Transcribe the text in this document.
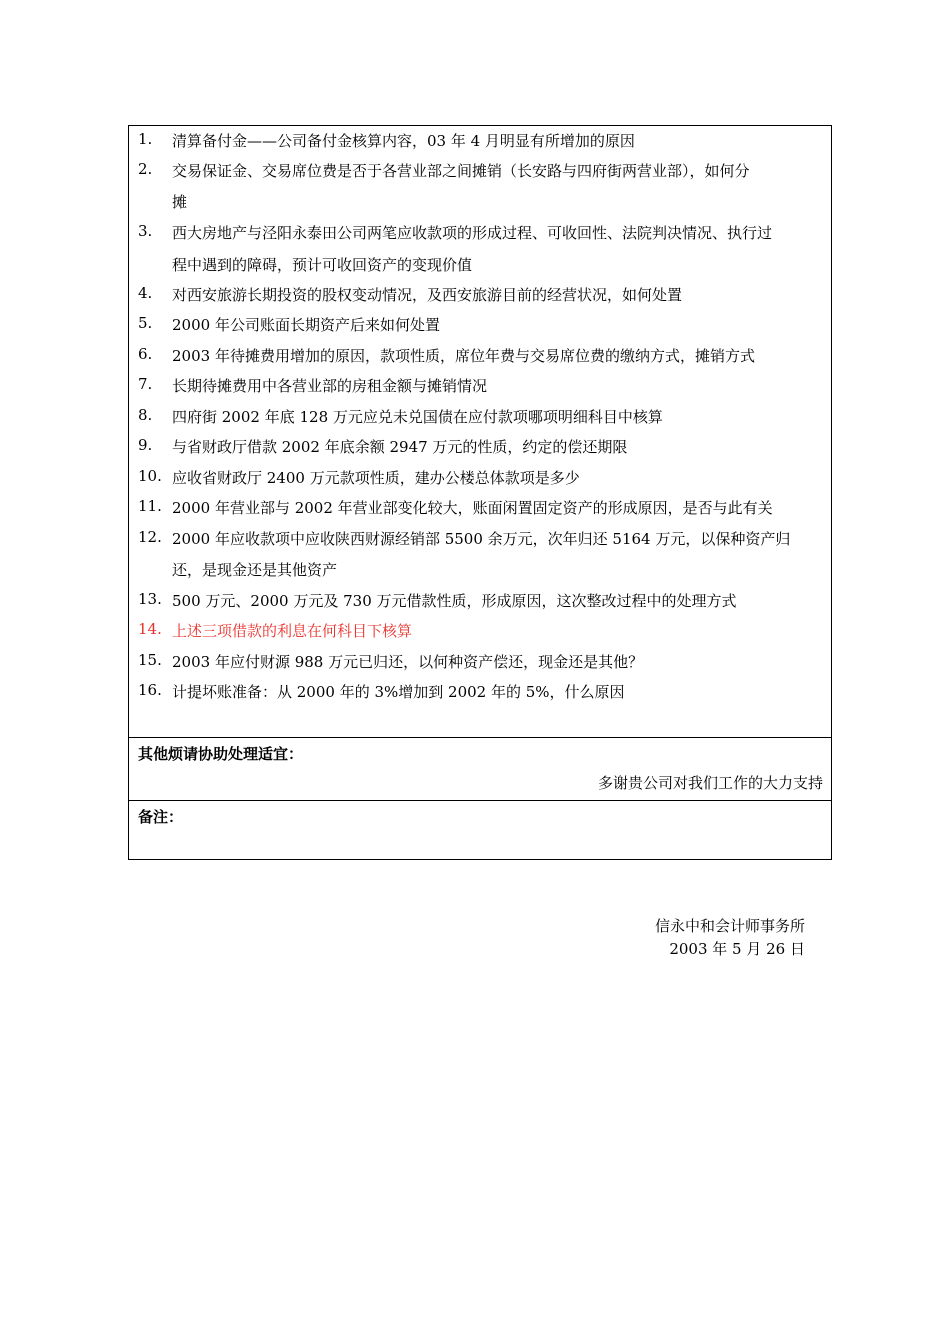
1.	清算备付金——公司备付金核算内容，03 年 4 月明显有所增加的原因
2.	交易保证金、交易席位费是否于各营业部之间摊销（长安路与四府街两营业部），如何分
摊
3.	西大房地产与泾阳永泰田公司两笔应收款项的形成过程、可收回性、法院判决情况、执行过
程中遇到的障碍，预计可收回资产的变现价值
4.	对西安旅游长期投资的股权变动情况，及西安旅游目前的经营状况，如何处置
5.	2000 年公司账面长期资产后来如何处置
6.	2003 年待摊费用增加的原因，款项性质，席位年费与交易席位费的缴纳方式，摊销方式
7.	长期待摊费用中各营业部的房租金额与摊销情况
8.	四府街 2002 年底 128 万元应兑未兑国债在应付款项哪项明细科目中核算
9.	与省财政厅借款 2002 年底余额 2947 万元的性质，约定的偿还期限
10. 应收省财政厅 2400 万元款项性质，建办公楼总体款项是多少
11. 2000 年营业部与 2002 年营业部变化较大，账面闲置固定资产的形成原因，是否与此有关
12. 2000 年应收款项中应收陕西财源经销部 5500 余万元，次年归还 5164 万元，以保种资产归
还，是现金还是其他资产
13. 500 万元、2000 万元及 730 万元借款性质，形成原因，这次整改过程中的处理方式
14. 上述三项借款的利息在何科目下核算
15. 2003 年应付财源 988 万元已归还，以何种资产偿还，现金还是其他？
16. 计提坏账准备：从 2000 年的 3%增加到 2002 年的 5%，什么原因
其他烦请协助处理适宜：
多谢贵公司对我们工作的大力支持
备注：
信永中和会计师事务所
2003 年 5 月 26 日
